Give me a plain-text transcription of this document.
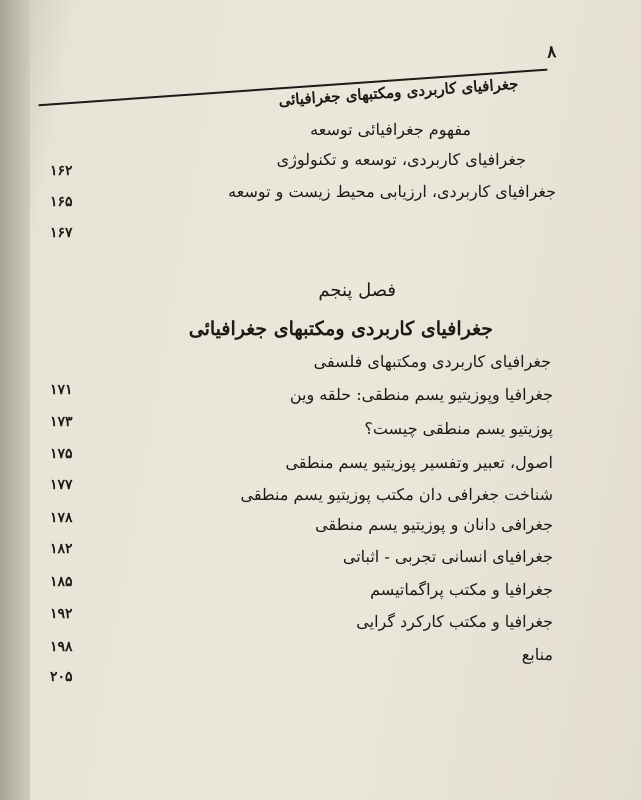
۸
جغرافیای کاربردی ومکتبهای جغرافیائی
مفهوم جغرافیائی توسعه
جغرافیای کاربردی، توسعه و تکنولوژی
جغرافیای کاربردی، ارزیابی محیط زیست و توسعه
۱۶۲
۱۶۵
۱۶۷
فصل پنجم
جغرافیای کاربردی ومکتبهای جغرافیائی
جغرافیای کاربردی ومکتبهای فلسفی
جغرافیا وپوزیتیو یسم منطقی: حلقه وین
پوزیتیو یسم منطقی چیست؟
اصول، تعبیر وتفسیر پوزیتیو یسم منطقی
شناخت جغرافی دان مکتب پوزیتیو یسم منطقی
جغرافی دانان و پوزیتیو یسم منطقی
جغرافیای انسانی تجربی - اثباتی
جغرافیا و مکتب پراگماتیسم
جغرافیا و مکتب کارکرد گرایی
منابع
۱۷۱
۱۷۳
۱۷۵
۱۷۷
۱۷۸
۱۸۲
۱۸۵
۱۹۲
۱۹۸
۲۰۵
